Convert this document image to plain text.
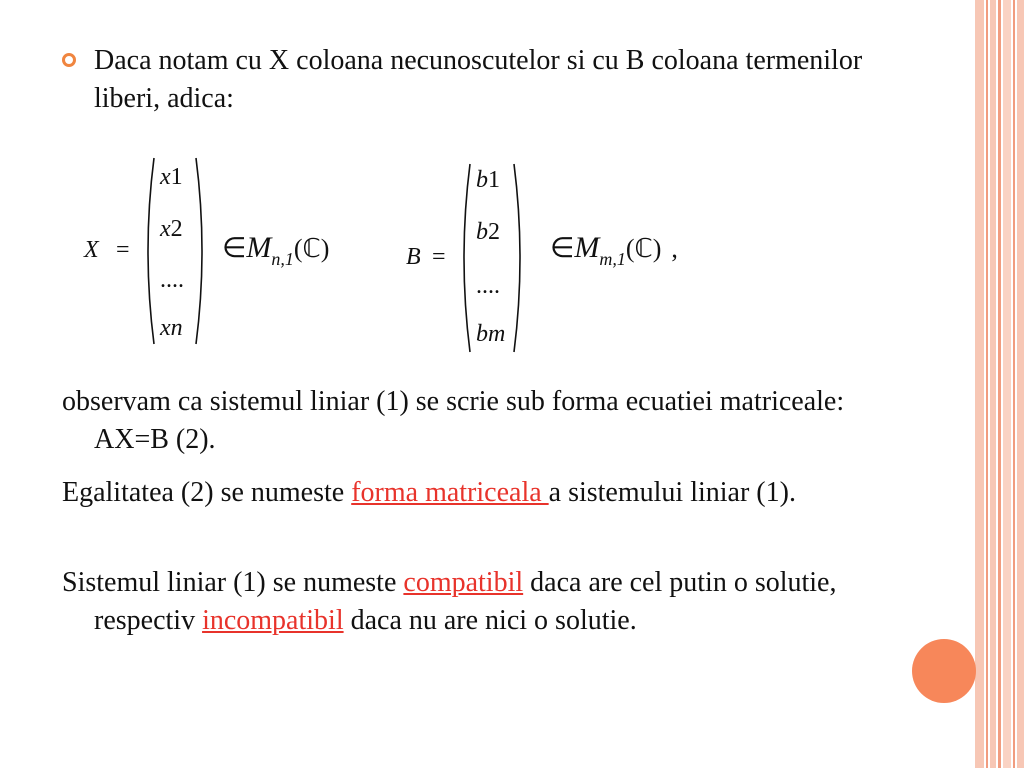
Daca notam cu X coloana necunoscutelor si cu B coloana termenilor liberi, adica:
X =
x1
x2
....
xn
$\in M_{n,1}(ℂ)$	B =
b1
b2
....
bm
$\in M_{m,1}(ℂ)$ ,
observam ca sistemul liniar (1) se scrie sub forma ecuatiei matriceale: AX=B (2).
Egalitatea (2) se numeste forma matriceala a sistemului liniar (1).
Sistemul liniar (1) se numeste compatibil daca are cel putin o solutie, respectiv incompatibil daca nu are nici o solutie.
